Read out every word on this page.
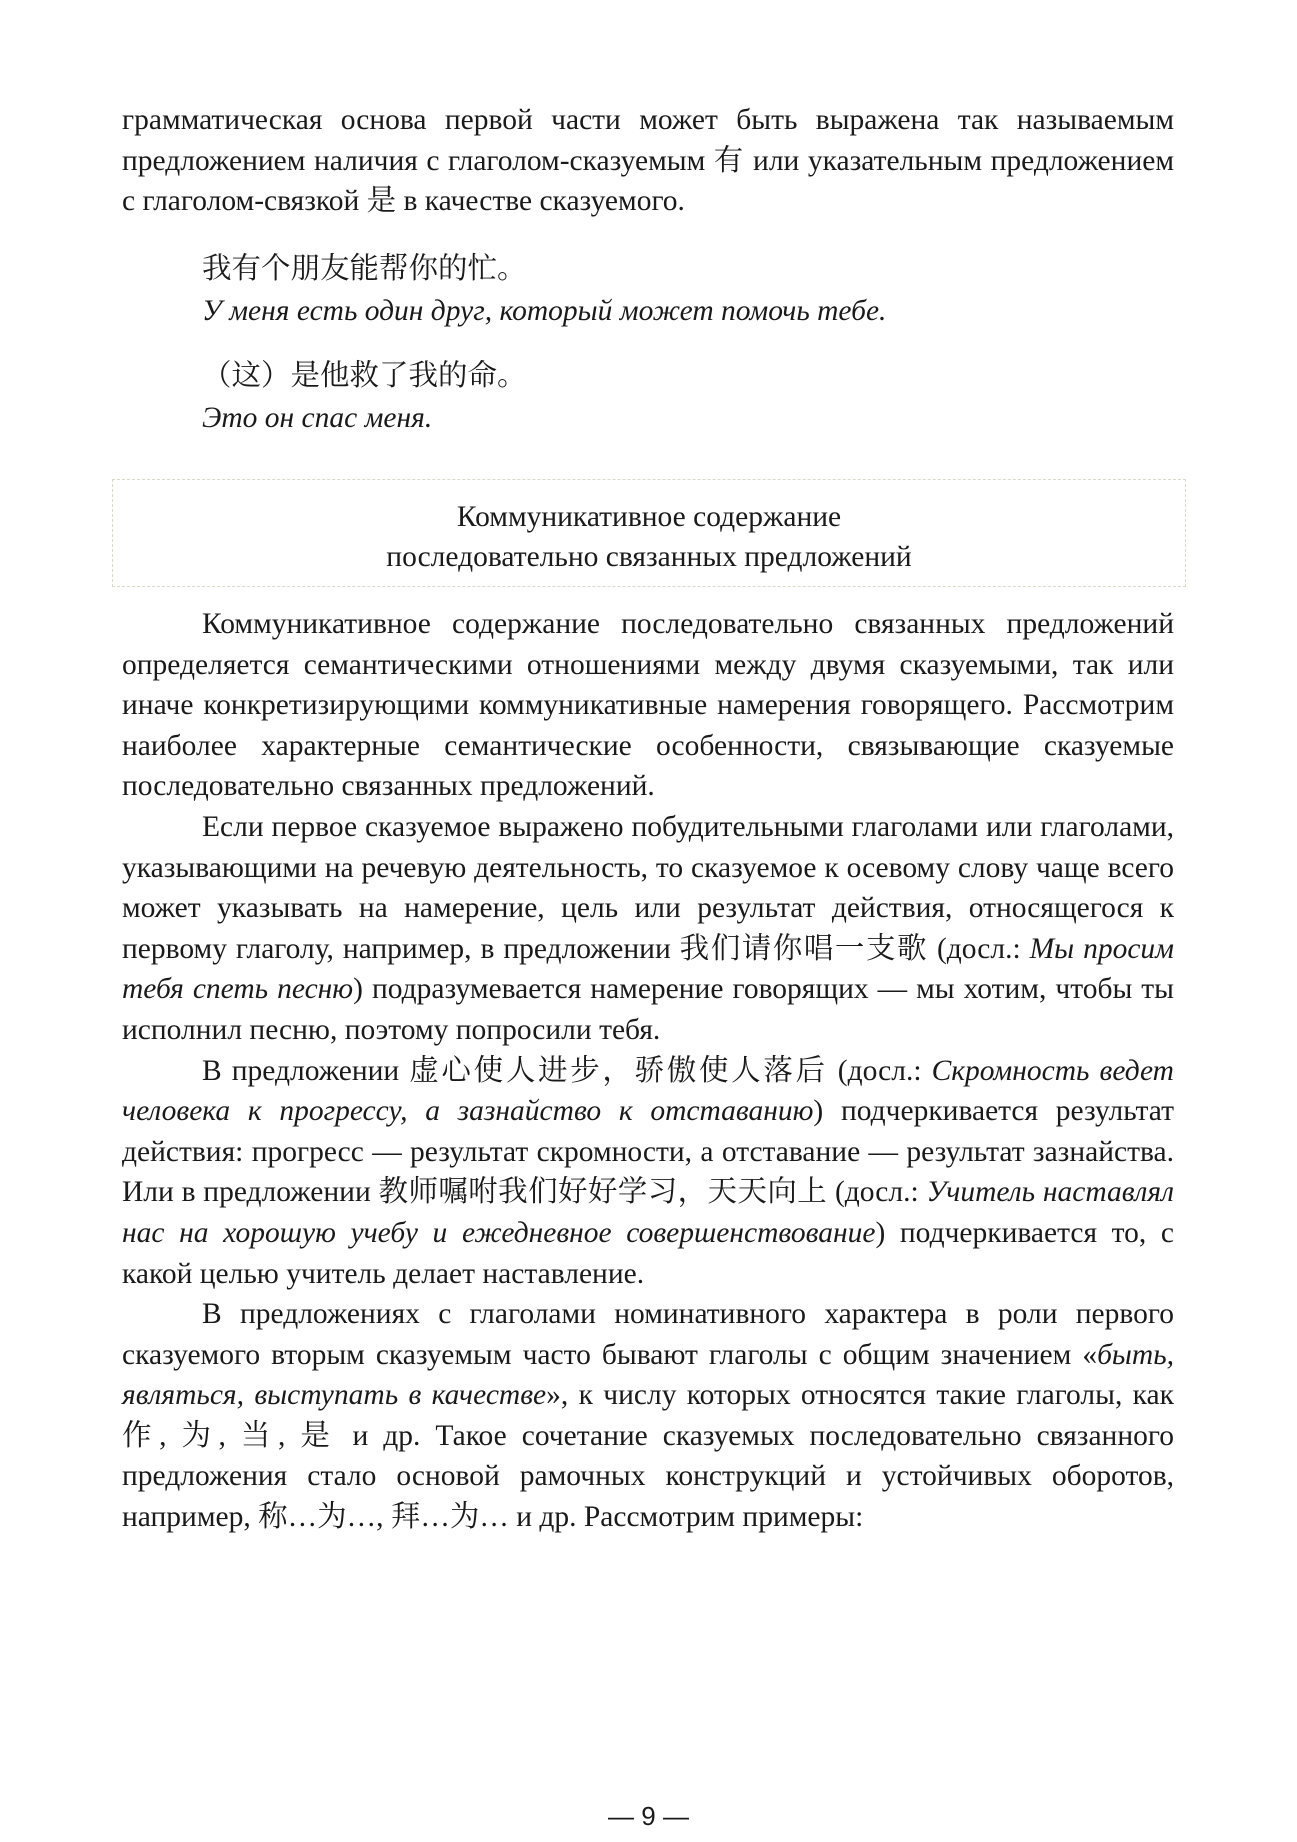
грамматическая основа первой части может быть выражена так называемым предложением наличия с глаголом-сказуемым 有 или указательным предложением с глаголом-связкой 是 в качестве сказуемого.

我有个朋友能帮你的忙。

У меня есть один друг, который может помочь тебе.

（这）是他救了我的命。

Это он спас меня.

Коммуникативное содержание
последовательно связанных предложений

Коммуникативное содержание последовательно связанных предложений определяется семантическими отношениями между двумя сказуемыми, так или иначе конкретизирующими коммуникативные намерения говорящего. Рассмотрим наиболее характерные семантические особенности, связывающие сказуемые последовательно связанных предложений.

Если первое сказуемое выражено побудительными глаголами или глаголами, указывающими на речевую деятельность, то сказуемое к осевому слову чаще всего может указывать на намерение, цель или результат действия, относящегося к первому глаголу, например, в предложении 我们请你唱一支歌 (досл.: Мы просим тебя спеть песню) подразумевается намерение говорящих — мы хотим, чтобы ты исполнил песню, поэтому попросили тебя.

В предложении 虚心使人进步，骄傲使人落后 (досл.: Скромность ведет человека к прогрессу, а зазнайство к отставанию) подчеркивается результат действия: прогресс — результат скромности, а отставание — результат зазнайства. Или в предложении 教师嘱咐我们好好学习，天天向上 (досл.: Учитель наставлял нас на хорошую учебу и ежедневное совершенствование) подчеркивается то, с какой целью учитель делает наставление.

В предложениях с глаголами номинативного характера в роли первого сказуемого вторым сказуемым часто бывают глаголы с общим значением «быть, являться, выступать в качестве», к числу которых относятся такие глаголы, как 作, 为, 当, 是 и др. Такое сочетание сказуемых последовательно связанного предложения стало основой рамочных конструкций и устойчивых оборотов, например, 称…为…, 拜…为… и др. Рассмотрим примеры:

— 9 —
